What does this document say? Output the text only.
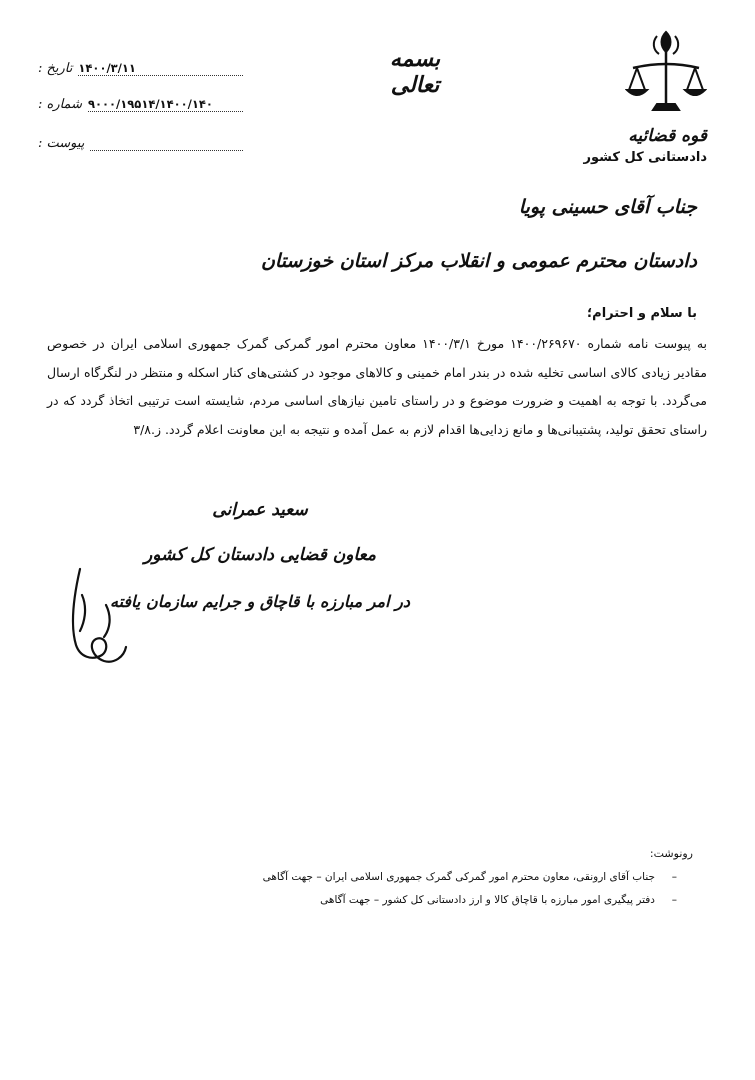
قوه قضائیه
دادستانی کل کشور
بسمه تعالی
تاریخ : ۱۴۰۰/۳/۱۱
شماره : ۹۰۰۰/۱۹۵۱۴/۱۴۰۰/۱۴۰
پیوست :
جناب آقای حسینی پویا
دادستان محترم عمومی و انقلاب مرکز استان خوزستان
با سلام و احترام؛
به پیوست نامه شماره ۱۴۰۰/۲۶۹۶۷۰ مورخ ۱۴۰۰/۳/۱ معاون محترم امور گمرکی گمرک جمهوری اسلامی ایران در خصوص مقادیر زیادی کالای اساسی تخلیه شده در بندر امام خمینی و کالاهای موجود در کشتی‌های کنار اسکله و منتظر در لنگرگاه ارسال می‌گردد. با توجه به اهمیت و ضرورت موضوع و در راستای تامین نیازهای اساسی مردم، شایسته است ترتیبی اتخاذ گردد که در راستای تحقق تولید، پشتیبانی‌ها و مانع زدایی‌ها اقدام لازم به عمل آمده و نتیجه به این معاونت اعلام گردد. ز.۳/۸
سعید عمرانی
معاون قضایی دادستان کل کشور
در امر مبارزه با قاچاق و جرایم سازمان یافته
رونوشت:
– جناب آقای ارونقی، معاون محترم امور گمرکی گمرک جمهوری اسلامی ایران – جهت آگاهی
– دفتر پیگیری امور مبارزه با قاچاق کالا و ارز دادستانی کل کشور – جهت آگاهی
